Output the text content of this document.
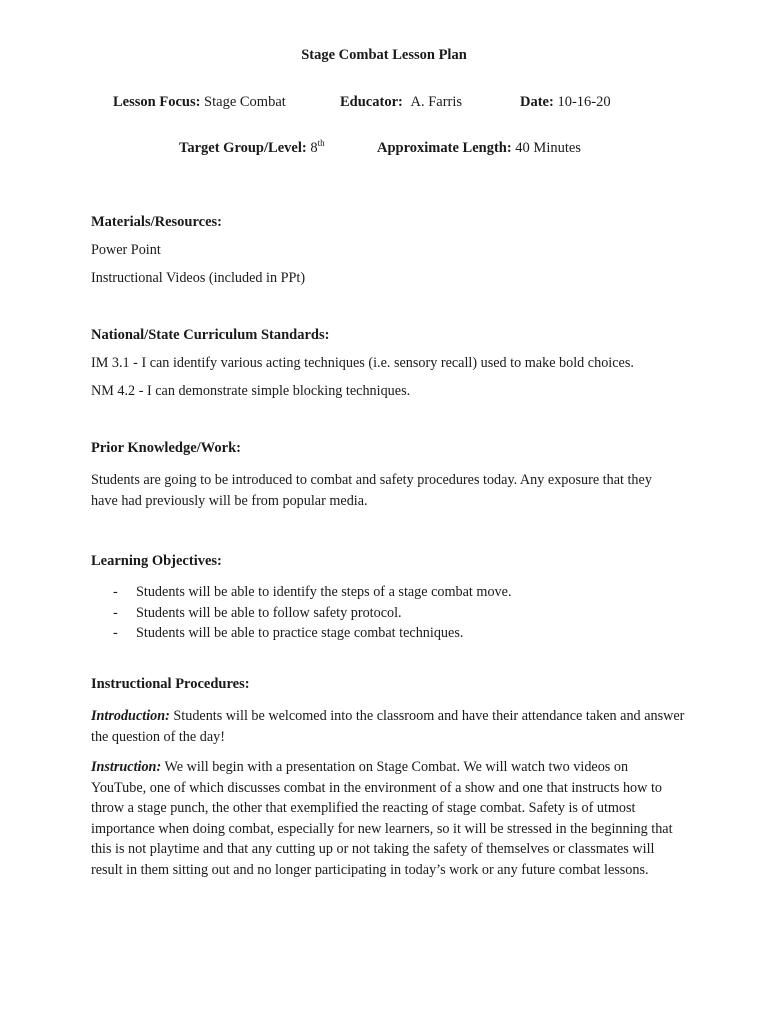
Stage Combat Lesson Plan
Lesson Focus: Stage Combat	Educator: A. Farris	Date: 10-16-20
Target Group/Level: 8th	Approximate Length: 40 Minutes
Materials/Resources:
Power Point
Instructional Videos (included in PPt)
National/State Curriculum Standards:
IM 3.1 - I can identify various acting techniques (i.e. sensory recall) used to make bold choices.
NM 4.2 - I can demonstrate simple blocking techniques.
Prior Knowledge/Work:
Students are going to be introduced to combat and safety procedures today. Any exposure that they have had previously will be from popular media.
Learning Objectives:
- Students will be able to identify the steps of a stage combat move.
- Students will be able to follow safety protocol.
- Students will be able to practice stage combat techniques.
Instructional Procedures:
Introduction: Students will be welcomed into the classroom and have their attendance taken and answer the question of the day!
Instruction: We will begin with a presentation on Stage Combat. We will watch two videos on YouTube, one of which discusses combat in the environment of a show and one that instructs how to throw a stage punch, the other that exemplified the reacting of stage combat. Safety is of utmost importance when doing combat, especially for new learners, so it will be stressed in the beginning that this is not playtime and that any cutting up or not taking the safety of themselves or classmates will result in them sitting out and no longer participating in today’s work or any future combat lessons.
